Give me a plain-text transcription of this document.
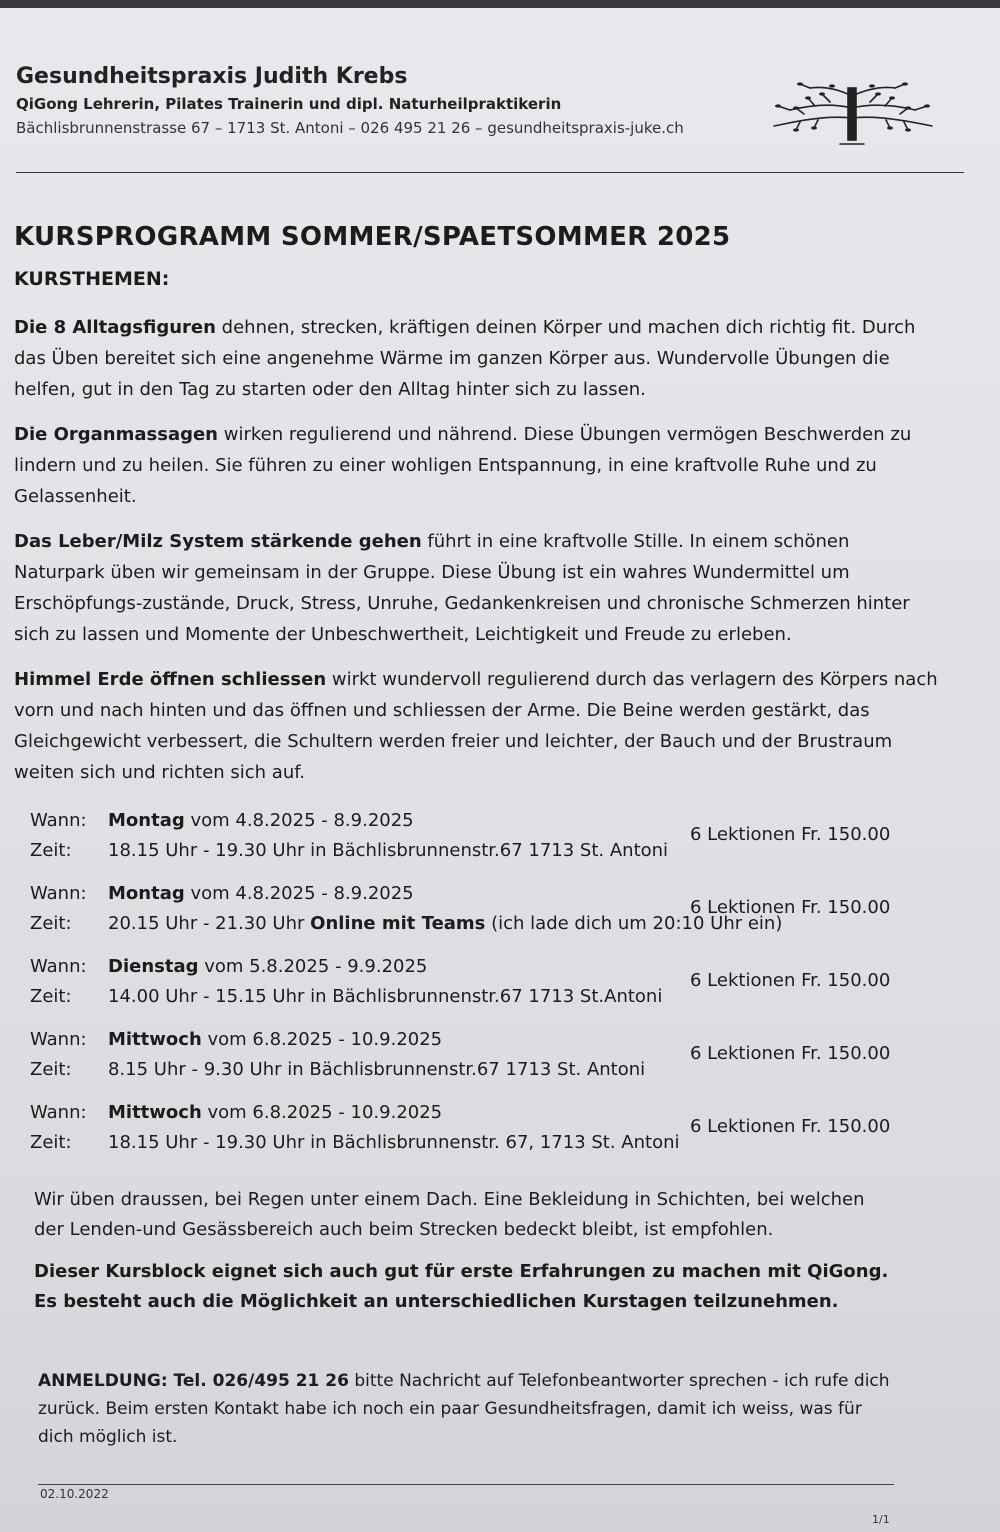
Gesundheitspraxis Judith Krebs

QiGong Lehrerin, Pilates Trainerin und dipl. Naturheilpraktikerin

Bächlisbrunnenstrasse 67 – 1713 St. Antoni – 026 495 21 26 – gesundheitspraxis-juke.ch

KURSPROGRAMM SOMMER/SPAETSOMMER 2025
KURSTHEMEN:

Die 8 Alltagsfiguren dehnen, strecken, kräftigen deinen Körper und machen dich richtig fit. Durch das Üben bereitet sich eine angenehme Wärme im ganzen Körper aus. Wundervolle Übungen die helfen, gut in den Tag zu starten oder den Alltag hinter sich zu lassen.

Die Organmassagen wirken regulierend und nährend. Diese Übungen vermögen Beschwerden zu lindern und zu heilen. Sie führen zu einer wohligen Entspannung, in eine kraftvolle Ruhe und zu Gelassenheit.

Das Leber/Milz System stärkende gehen führt in eine kraftvolle Stille. In einem schönen Naturpark üben wir gemeinsam in der Gruppe. Diese Übung ist ein wahres Wundermittel um Erschöpfungs-zustände, Druck, Stress, Unruhe, Gedankenkreisen und chronische Schmerzen hinter sich zu lassen und Momente der Unbeschwertheit, Leichtigkeit und Freude zu erleben.

Himmel Erde öffnen schliessen wirkt wundervoll regulierend durch das verlagern des Körpers nach vorn und nach hinten und das öffnen und schliessen der Arme. Die Beine werden gestärkt, das Gleichgewicht verbessert, die Schultern werden freier und leichter, der Bauch und der Brustraum weiten sich und richten sich auf.

Wann: Montag vom 4.8.2025 - 8.9.2025
Zeit: 18.15 Uhr - 19.30 Uhr in Bächlisbrunnenstr.67 1713 St. Antoni
6 Lektionen Fr. 150.00
Wann: Montag vom 4.8.2025 - 8.9.2025
Zeit: 20.15 Uhr - 21.30 Uhr Online mit Teams (ich lade dich um 20:10 Uhr ein)
6 Lektionen Fr. 150.00
Wann: Dienstag vom 5.8.2025 - 9.9.2025
Zeit: 14.00 Uhr - 15.15 Uhr in Bächlisbrunnenstr.67 1713 St.Antoni
6 Lektionen Fr. 150.00
Wann: Mittwoch vom 6.8.2025 - 10.9.2025
Zeit: 8.15 Uhr - 9.30 Uhr in Bächlisbrunnenstr.67 1713 St. Antoni
6 Lektionen Fr. 150.00
Wann: Mittwoch vom 6.8.2025 - 10.9.2025
Zeit: 18.15 Uhr - 19.30 Uhr in Bächlisbrunnenstr. 67, 1713 St. Antoni
6 Lektionen Fr. 150.00

Wir üben draussen, bei Regen unter einem Dach. Eine Bekleidung in Schichten, bei welchen der Lenden-und Gesässbereich auch beim Strecken bedeckt bleibt, ist empfohlen.

Dieser Kursblock eignet sich auch gut für erste Erfahrungen zu machen mit QiGong. Es besteht auch die Möglichkeit an unterschiedlichen Kurstagen teilzunehmen.

ANMELDUNG: Tel. 026/495 21 26 bitte Nachricht auf Telefonbeantworter sprechen - ich rufe dich zurück. Beim ersten Kontakt habe ich noch ein paar Gesundheitsfragen, damit ich weiss, was für dich möglich ist.

02.10.2022
1/1
